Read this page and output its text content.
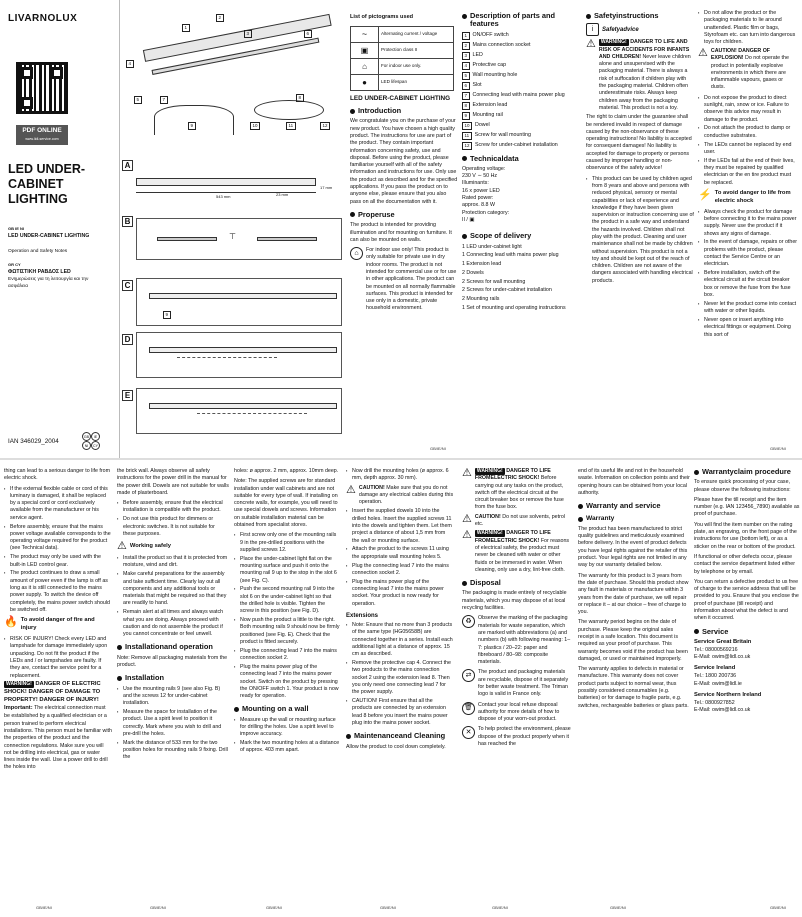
LIVARNOLUX
PDF ONLINE
www.lidl-service.com
LED UNDER-
CABINET
LIGHTING
GB IE NI
LED UNDER-CABINET LIGHTING
Operation and Safety Notes
GR CY
ΦΩΤΙΣΤΙΚΗ ΡΑΒΔΟΣ LED
Ενημερώσεις για τη λειτουργία και την ασφάλεια
IAN 346029_2004
GB IE
NI CY
1
2
3
4
5
6
7	8
9	10	11	12
A
543 mm	23 mm
17 mm
B
⊤
C
9
D
E
List of pictograms used
~	Alternating current / voltage
▣	Protection class II
⌂	For indoor use only.
●	LED lifespan
LED UNDER-CABINET LIGHTING
Introduction

We congratulate you on the purchase of your new product. You have chosen a high quality product. The instructions for use are part of the product. They contain important information concerning safety, use and disposal. Before using the product, please familiarise yourself with all of the safety information and instructions for use. Only use the product as described and for the specified applications. If you pass the product on to anyone else, please ensure that you also pass on all the documentation with it.

Properuse

The product is intended for providing illumination and for mounting on furniture. It can also be mounted on walls.

⌂	For indoor use only! This product is only suitable for private use in dry indoor rooms. The product is not intended for commercial use or for use in other applications. The product can be mounted on all normally flammable surfaces. This product is intended for use only in a domestic, private household environment.

GB/IE/NI
Description of parts and features
1	ON/OFF switch
2	Mains connection socket
3	LED
4	Protective cap
5	Wall mounting hole
6	Slot
7	Connecting lead with mains power plug
8	Extension lead
9	Mounting rail
10	Dowel
11	Screw for wall mounting
12	Screw for under-cabinet installation
Technicaldata
Operating voltage:
230 V ∼ 50 Hz
Illuminants:
16 x power LED
Rated power:
approx. 8.8 W
Protection category:
II / ▣
Scope of delivery
1 LED under-cabinet light
1 Connecting lead with mains power plug
1 Extension lead
2 Dowels
2 Screws for wall mounting
2 Screws for under-cabinet installation
2 Mounting rails
1 Set of mounting and operating instructions
Safetyinstructions
i	Safetyadvice
⚠	WARNING! DANGER TO LIFE AND RISK OF ACCIDENTS FOR INFANTS AND CHILDREN! Never leave children alone and unsupervised with the packaging material. There is always a risk of suffocation if children play with the packaging material. Children often underestimate risks. Always keep children away from the packaging material. This product is not a toy.

The right to claim under the guarantee shall be rendered invalid in respect of damage caused by the non-observance of these operating instructions! No liability is accepted for consequent damages! No liability is accepted for damage to property or persons caused by improper handling or non-observance of the safety advice!

▪ This product can be used by children aged from 8 years and above and persons with reduced physical, sensory or mental capabilities or lack of experience and knowledge if they have been given supervision or instruction concerning use of the product in a safe way and understand the hazards involved. Children shall not play with the product. Cleaning and user maintenance shall not be made by children without supervision. This product is not a toy and should be kept out of the reach of children. Children are not aware of the dangers associated with handling electrical products.
▪ Do not allow the product or the packaging materials to lie around unattended. Plastic film or bags, Styrofoam etc. can turn into dangerous toys for children.
⚠ CAUTION! DANGER OF EXPLOSION! Do not operate the product in potentially explosive environments in which there are inflammable vapours, gases or dusts.
▪ Do not expose the product to direct sunlight, rain, snow or ice. Failure to observe this advice may result in damage to the product.
▪ Do not attach the product to damp or conductive substrates.
▪ The LEDs cannot be replaced by end user.
▪ If the LEDs fail at the end of their lives, they must be repaired by qualified electrician or the en tire product must be replaced.
⚡ To avoid danger to life from electric shock
▪ Always check the product for damage before connecting it to the mains power supply. Never use the product if it shows any signs of damage.
▪ In the event of damage, repairs or other problems with the product, please contact the Service Centre or an electrician.
▪ Before installation, switch off the electrical circuit at the circuit breaker box or remove the fuse from the fuse box.
▪ Never let the product come into contact with water or other liquids.
▪ Never open or insert anything into electrical fittings or equipment. Doing this sort of
GB/IE/NI

thing can lead to a serious danger to life from electric shock.

▪ If the external flexible cable or cord of this luminary is damaged, it shall be replaced by a special cord or cord exclusively available from the manufacturer or his service agent.
▪ Before assembly, ensure that the mains power voltage available corresponds to the operating voltage required for the product (see Technical data).
▪ The product may only be used with the built-in LED control gear.
▪ The product continues to draw a small amount of power even if the lamp is off as long as it is still connected to the mains power supply. To switch the device off completely, the mains power switch should be switched off.
🔥 To avoid danger of fire and injury
▪ RISK OF INJURY! Check every LED and lampshade for damage immediately upon unpacking. Do not fit the product if the LEDs and / or lampshades are faulty. If they are, contact the service point for a replacement.
WARNING! DANGER OF ELECTRIC SHOCK! DANGER OF DAMAGE TO PROPERTY! DANGER OF INJURY! Important: The electrical connection must be established by a qualified electrician or a person trained to perform electrical installations. This person must be familiar with the properties of the product and the connection regulations. Make sure you will not be drilling into electrical, gas or water lines inside the wall. Use a power drill to drill the holes into
GB/IE/NI

the brick wall. Always observe all safety instructions for the power drill in the manual for the power drill. Dowels are not suitable for walls made of plasterboard.

▪ Before assembly, ensure that the electrical installation is compatible with the product.
▪ Do not use this product for dimmers or electronic switches. It is not suitable for these purposes.
⚠ Working safely
▪ Install the product so that it is protected from moisture, wind and dirt.
▪ Make careful preparations for the assembly and take sufficient time. Clearly lay out all components and any additional tools or materials that might be required so that they are readily to hand.
▪ Remain alert at all times and always watch what you are doing. Always proceed with caution and do not assemble the product if you cannot concentrate or feel unwell.
Installationand operation

Note: Remove all packaging materials from the product.

Installation
▪ Use the mounting rails 9 (see also Fig. B) and the screws 12 for under-cabinet installation.
▪ Measure the space for installation of the product. Use a spirit level to position it correctly. Mark where you wish to drill and pre-drill the holes.
▪ Mark the distance of 533 mm for the two position holes for mounting rails 9 fixing. Drill the
GB/IE/NI

holes: ø approx. 2 mm, approx. 10mm deep.

Note: The supplied screws are for standard installation under wall cabinets and are not suitable for every type of wall. If installing on concrete walls, for example, you will need to use special dowels and screws. Information on suitable installation material can be obtained from specialist stores.

▪ First screw only one of the mounting rails 9 in the pre-drilled positions with the supplied screws 12.
▪ Place the under-cabinet light flat on the mounting surface and push it onto the mounting rail 9 up to the stop in the slot 6 (see Fig. C).
▪ Push the second mounting rail 9 into the slot 6 on the under-cabinet light so that the drilled hole is visible. Tighten the screw in this position (see Fig. D).
▪ Now push the product a little to the right. Both mounting rails 9 should now be firmly positioned (see Fig. E). Check that the product is fitted securely.
▪ Plug the connecting lead 7 into the mains connection socket 2.
▪ Plug the mains power plug of the connecting lead 7 into the mains power socket. Switch on the product by pressing the ON/OFF switch 1. Your product is now ready for operation.
Mounting on a wall
▪ Measure up the wall or mounting surface for drilling the holes. Use a spirit level to improve accuracy.
▪ Mark the two mounting holes at a distance of approx. 403 mm apart.
GB/IE/NI
▪ Now drill the mounting holes (ø approx. 6 mm, depth approx. 30 mm).
⚠ CAUTION! Make sure that you do not damage any electrical cables during this operation.
▪ Insert the supplied dowels 10 into the drilled holes. Insert the supplied screws 11 into the dowels and tighten them. Let them project a distance of about 1,5 mm from the wall or mounting surface.
▪ Attach the product to the screws 11 using the appropriate wall mounting holes 5.
▪ Plug the connecting lead 7 into the mains connection socket 2.
▪ Plug the mains power plug of the connecting lead 7 into the mains power socket. Your product is now ready for operation.
Extensions
▪ Note: Ensure that no more than 3 products of the same type (HG05658B) are connected together in a series. Install each additional light at a distance of approx. 15 cm as described.
▪ Remove the protective cap 4. Connect the two products to the mains connection socket 2 using the extension lead 8. Then you only need one connecting lead 7 for the power supply.
▪ CAUTION! First ensure that all the products are connected by an extension lead 8 before you insert the mains power plug into the mains power socket.
Maintenanceand Cleaning

Allow the product to cool down completely.

GB/IE/NI
⚠	WARNING! DANGER TO LIFE FROMELECTRIC SHOCK! Before carrying out any tasks on the product, switch off the electrical circuit at the circuit breaker box or remove the fuse from the fuse box.
⚠ CAUTION! Do not use solvents, petrol etc.
⚠	WARNING! DANGER TO LIFE FROMELECTRIC SHOCK! For reasons of electrical safety, the product must never be cleaned with water or other fluids or be immersed in water. When cleaning, only use a dry, lint-free cloth.
Disposal

The packaging is made entirely of recyclable materials, which you may dispose of at local recycling facilities.

♻	Observe the marking of the packaging materials for waste separation, which are marked with abbreviations (a) and numbers (b) with following meaning: 1–7: plastics / 20–22: paper and fibreboard / 80–98: composite materials.

⇄	The product and packaging materials are recyclable, dispose of it separately for better waste treatment. The Triman logo is valid in France only.

🗑 Contact your local refuse disposal authority for more details of how to dispose of your worn-out product.

✕	To help protect the environment, please dispose of the product properly when it has reached the

GB/IE/NI

end of its useful life and not in the household waste. Information on collection points and their opening hours can be obtained from your local authority.

Warranty and service
Warranty

The product has been manufactured to strict quality guidelines and meticulously examined before delivery. In the event of product defects you have legal rights against the retailer of this product. Your legal rights are not limited in any way by our warranty detailed below.

The warranty for this product is 3 years from the date of purchase. Should this product show any fault in materials or manufacture within 3 years from the date of purchase, we will repair or replace it – at our choice – free of charge to you.

The warranty period begins on the date of purchase. Please keep the original sales receipt in a safe location. This document is required as your proof of purchase. This warranty becomes void if the product has been damaged, or used or maintained improperly.

The warranty applies to defects in material or manufacture. This warranty does not cover product parts subject to normal wear, thus possibly considered consumables (e.g. batteries) or for damage to fragile parts, e.g. switches, rechargeable batteries or glass parts.

GB/IE/NI
Warrantyclaim procedure

To ensure quick processing of your case, please observe the following instructions:

Please have the till receipt and the item number (e.g. IAN 123456_7890) available as proof of purchase.

You will find the item number on the rating plate, an engraving, on the front page of the instructions for use (bottom left), or as a sticker on the rear or bottom of the product.

If functional or other defects occur, please contact the service department listed either by telephone or by email.

You can return a defective product to us free of charge to the service address that will be provided to you. Ensure that you enclose the proof of purchase (till receipt) and information about what the defect is and when it occurred.

Service
Service Great Britain
Tel.: 08000569216
E-Mail: owim@lidl.co.uk
Service Ireland
Tel.: 1800 200736
E-Mail: owim@lidl.ie
Service Northern Ireland
Tel.: 0800927852
E-Mail: owim@lidl.co.uk
GB/IE/NI
